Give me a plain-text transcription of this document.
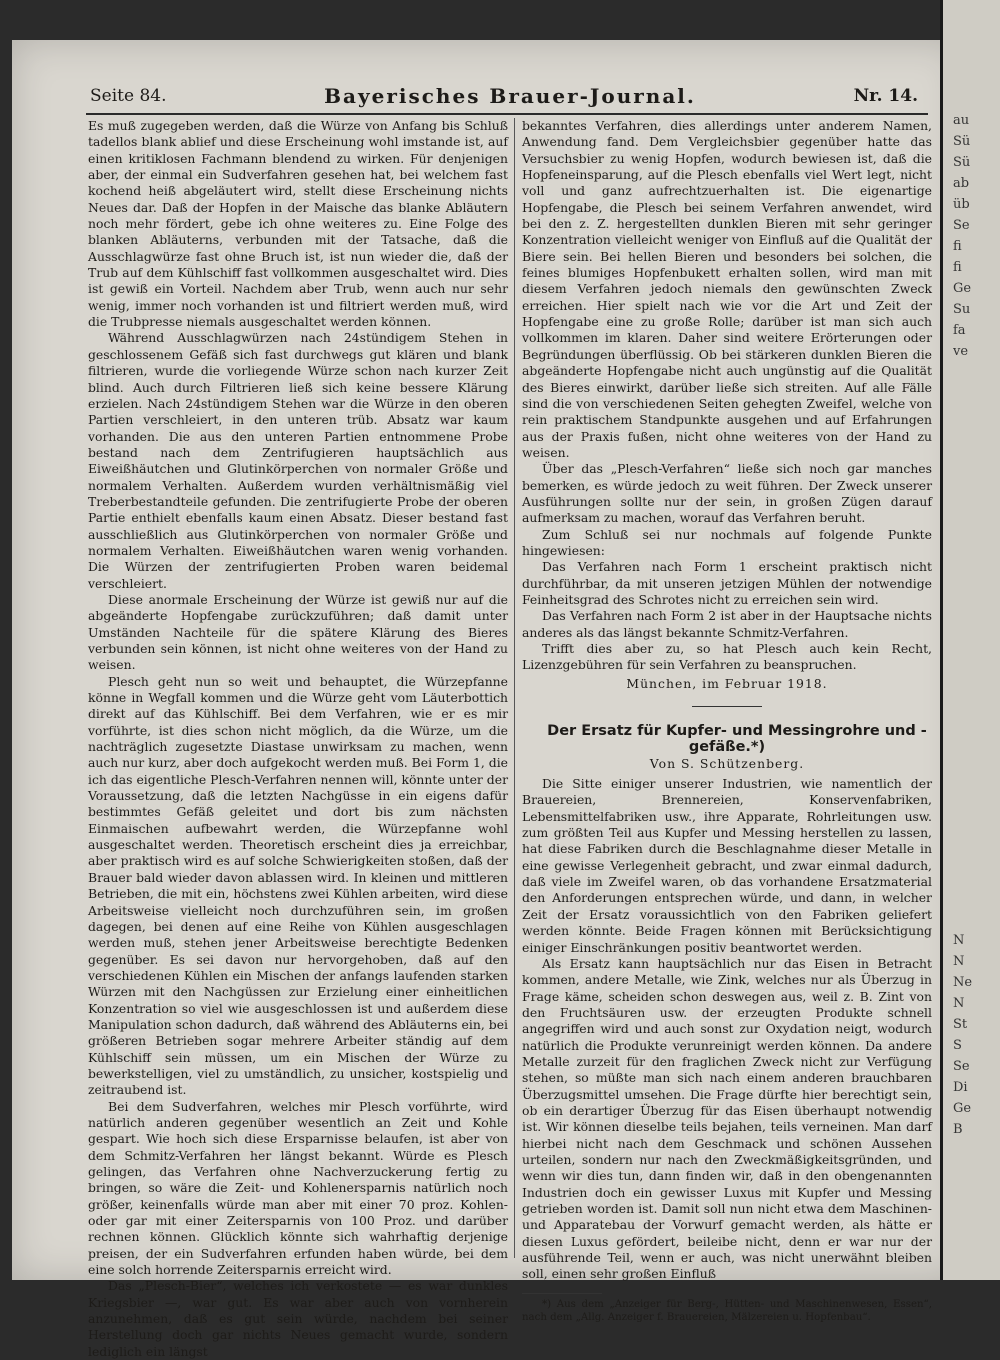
au
Sü
Sü
ab
üb
Se
fi
fi
Ge
Su
fa
ve
N
N
Ne
N
St
S
Se
Di
Ge
B
Seite 84.	Bayerisches Brauer-Journal.	Nr. 14.

Es muß zugegeben werden, daß die Würze von Anfang bis Schluß tadellos blank ablief und diese Erscheinung wohl imstande ist, auf einen kritiklosen Fachmann blendend zu wirken. Für denjenigen aber, der einmal ein Sudverfahren gesehen hat, bei welchem fast kochend heiß abgeläutert wird, stellt diese Erscheinung nichts Neues dar. Daß der Hopfen in der Maische das blanke Abläutern noch mehr fördert, gebe ich ohne weiteres zu. Eine Folge des blanken Abläuterns, verbunden mit der Tatsache, daß die Ausschlagwürze fast ohne Bruch ist, ist nun wieder die, daß der Trub auf dem Kühlschiff fast vollkommen ausgeschaltet wird. Dies ist gewiß ein Vorteil. Nachdem aber Trub, wenn auch nur sehr wenig, immer noch vorhanden ist und filtriert werden muß, wird die Trubpresse niemals ausgeschaltet werden können.

Während Ausschlagwürzen nach 24stündigem Stehen in geschlossenem Gefäß sich fast durchwegs gut klären und blank filtrieren, wurde die vorliegende Würze schon nach kurzer Zeit blind. Auch durch Filtrieren ließ sich keine bessere Klärung erzielen. Nach 24stündigem Stehen war die Würze in den oberen Partien verschleiert, in den unteren trüb. Absatz war kaum vorhanden. Die aus den unteren Partien entnommene Probe bestand nach dem Zentrifugieren hauptsächlich aus Eiweißhäutchen und Glutinkörperchen von normaler Größe und normalem Verhalten. Außerdem wurden verhältnismäßig viel Treberbestandteile gefunden. Die zentrifugierte Probe der oberen Partie enthielt ebenfalls kaum einen Absatz. Dieser bestand fast ausschließlich aus Glutinkörperchen von normaler Größe und normalem Verhalten. Eiweißhäutchen waren wenig vorhanden. Die Würzen der zentrifugierten Proben waren beidemal verschleiert.

Diese anormale Erscheinung der Würze ist gewiß nur auf die abgeänderte Hopfengabe zurückzuführen; daß damit unter Umständen Nachteile für die spätere Klärung des Bieres verbunden sein können, ist nicht ohne weiteres von der Hand zu weisen.

Plesch geht nun so weit und behauptet, die Würzepfanne könne in Wegfall kommen und die Würze geht vom Läuterbottich direkt auf das Kühlschiff. Bei dem Verfahren, wie er es mir vorführte, ist dies schon nicht möglich, da die Würze, um die nachträglich zugesetzte Diastase unwirksam zu machen, wenn auch nur kurz, aber doch aufgekocht werden muß. Bei Form 1, die ich das eigentliche Plesch-Verfahren nennen will, könnte unter der Voraussetzung, daß die letzten Nachgüsse in ein eigens dafür bestimmtes Gefäß geleitet und dort bis zum nächsten Einmaischen aufbewahrt werden, die Würzepfanne wohl ausgeschaltet werden. Theoretisch erscheint dies ja erreichbar, aber praktisch wird es auf solche Schwierigkeiten stoßen, daß der Brauer bald wieder davon ablassen wird. In kleinen und mittleren Betrieben, die mit ein, höchstens zwei Kühlen arbeiten, wird diese Arbeitsweise vielleicht noch durchzuführen sein, im großen dagegen, bei denen auf eine Reihe von Kühlen ausgeschlagen werden muß, stehen jener Arbeitsweise berechtigte Bedenken gegenüber. Es sei davon nur hervorgehoben, daß auf den verschiedenen Kühlen ein Mischen der anfangs laufenden starken Würzen mit den Nachgüssen zur Erzielung einer einheitlichen Konzentration so viel wie ausgeschlossen ist und außerdem diese Manipulation schon dadurch, daß während des Abläuterns ein, bei größeren Betrieben sogar mehrere Arbeiter ständig auf dem Kühlschiff sein müssen, um ein Mischen der Würze zu bewerkstelligen, viel zu umständlich, zu unsicher, kostspielig und zeitraubend ist.

Bei dem Sudverfahren, welches mir Plesch vorführte, wird natürlich anderen gegenüber wesentlich an Zeit und Kohle gespart. Wie hoch sich diese Ersparnisse belaufen, ist aber von dem Schmitz-Verfahren her längst bekannt. Würde es Plesch gelingen, das Verfahren ohne Nachverzuckerung fertig zu bringen, so wäre die Zeit- und Kohlenersparnis natürlich noch größer, keinenfalls würde man aber mit einer 70 proz. Kohlen- oder gar mit einer Zeitersparnis von 100 Proz. und darüber rechnen können. Glücklich könnte sich wahrhaftig derjenige preisen, der ein Sudverfahren erfunden haben würde, bei dem eine solch horrende Zeitersparnis erreicht wird.

Das „Plesch-Bier“, welches ich verkostete — es war dunkles Kriegsbier —, war gut. Es war aber auch von vornherein anzunehmen, daß es gut sein würde, nachdem bei seiner Herstellung doch gar nichts Neues gemacht wurde, sondern lediglich ein längst

bekanntes Verfahren, dies allerdings unter anderem Namen, Anwendung fand. Dem Vergleichsbier gegenüber hatte das Versuchsbier zu wenig Hopfen, wodurch bewiesen ist, daß die Hopfeneinsparung, auf die Plesch ebenfalls viel Wert legt, nicht voll und ganz aufrechtzuerhalten ist. Die eigenartige Hopfengabe, die Plesch bei seinem Verfahren anwendet, wird bei den z. Z. hergestellten dunklen Bieren mit sehr geringer Konzentration vielleicht weniger von Einfluß auf die Qualität der Biere sein. Bei hellen Bieren und besonders bei solchen, die feines blumiges Hopfenbukett erhalten sollen, wird man mit diesem Verfahren jedoch niemals den gewünschten Zweck erreichen. Hier spielt nach wie vor die Art und Zeit der Hopfengabe eine zu große Rolle; darüber ist man sich auch vollkommen im klaren. Daher sind weitere Erörterungen oder Begründungen überflüssig. Ob bei stärkeren dunklen Bieren die abgeänderte Hopfengabe nicht auch ungünstig auf die Qualität des Bieres einwirkt, darüber ließe sich streiten. Auf alle Fälle sind die von verschiedenen Seiten gehegten Zweifel, welche von rein praktischem Standpunkte ausgehen und auf Erfahrungen aus der Praxis fußen, nicht ohne weiteres von der Hand zu weisen.

Über das „Plesch-Verfahren“ ließe sich noch gar manches bemerken, es würde jedoch zu weit führen. Der Zweck unserer Ausführungen sollte nur der sein, in großen Zügen darauf aufmerksam zu machen, worauf das Verfahren beruht.

Zum Schluß sei nur nochmals auf folgende Punkte hingewiesen:

Das Verfahren nach Form 1 erscheint praktisch nicht durchführbar, da mit unseren jetzigen Mühlen der notwendige Feinheitsgrad des Schrotes nicht zu erreichen sein wird.

Das Verfahren nach Form 2 ist aber in der Hauptsache nichts anderes als das längst bekannte Schmitz-Verfahren.

Trifft dies aber zu, so hat Plesch auch kein Recht, Lizenzgebühren für sein Verfahren zu beanspruchen.

München, im Februar 1918.

Der Ersatz für Kupfer- und Messingrohre und -gefäße.*)

Von S. Schützenberg.

Die Sitte einiger unserer Industrien, wie namentlich der Brauereien, Brennereien, Konservenfabriken, Lebensmittelfabriken usw., ihre Apparate, Rohrleitungen usw. zum größten Teil aus Kupfer und Messing herstellen zu lassen, hat diese Fabriken durch die Beschlagnahme dieser Metalle in eine gewisse Verlegenheit gebracht, und zwar einmal dadurch, daß viele im Zweifel waren, ob das vorhandene Ersatzmaterial den Anforderungen entsprechen würde, und dann, in welcher Zeit der Ersatz voraussichtlich von den Fabriken geliefert werden könnte. Beide Fragen können mit Berücksichtigung einiger Einschränkungen positiv beantwortet werden.

Als Ersatz kann hauptsächlich nur das Eisen in Betracht kommen, andere Metalle, wie Zink, welches nur als Überzug in Frage käme, scheiden schon deswegen aus, weil z. B. Zint von den Fruchtsäuren usw. der erzeugten Produkte schnell angegriffen wird und auch sonst zur Oxydation neigt, wodurch natürlich die Produkte verunreinigt werden können. Da andere Metalle zurzeit für den fraglichen Zweck nicht zur Verfügung stehen, so müßte man sich nach einem anderen brauchbaren Überzugsmittel umsehen. Die Frage dürfte hier berechtigt sein, ob ein derartiger Überzug für das Eisen überhaupt notwendig ist. Wir können dieselbe teils bejahen, teils verneinen. Man darf hierbei nicht nach dem Geschmack und schönen Aussehen urteilen, sondern nur nach den Zweckmäßigkeitsgründen, und wenn wir dies tun, dann finden wir, daß in den obengenannten Industrien doch ein gewisser Luxus mit Kupfer und Messing getrieben worden ist. Damit soll nun nicht etwa dem Maschinen- und Apparatebau der Vorwurf gemacht werden, als hätte er diesen Luxus gefördert, beileibe nicht, denn er war nur der ausführende Teil, wenn er auch, was nicht unerwähnt bleiben soll, einen sehr großen Einfluß

*) Aus dem „Anzeiger für Berg-, Hütten- und Maschinenwesen, Essen“, nach dem „Allg. Anzeiger f. Brauereien, Mälzereien u. Hopfenbau“.
